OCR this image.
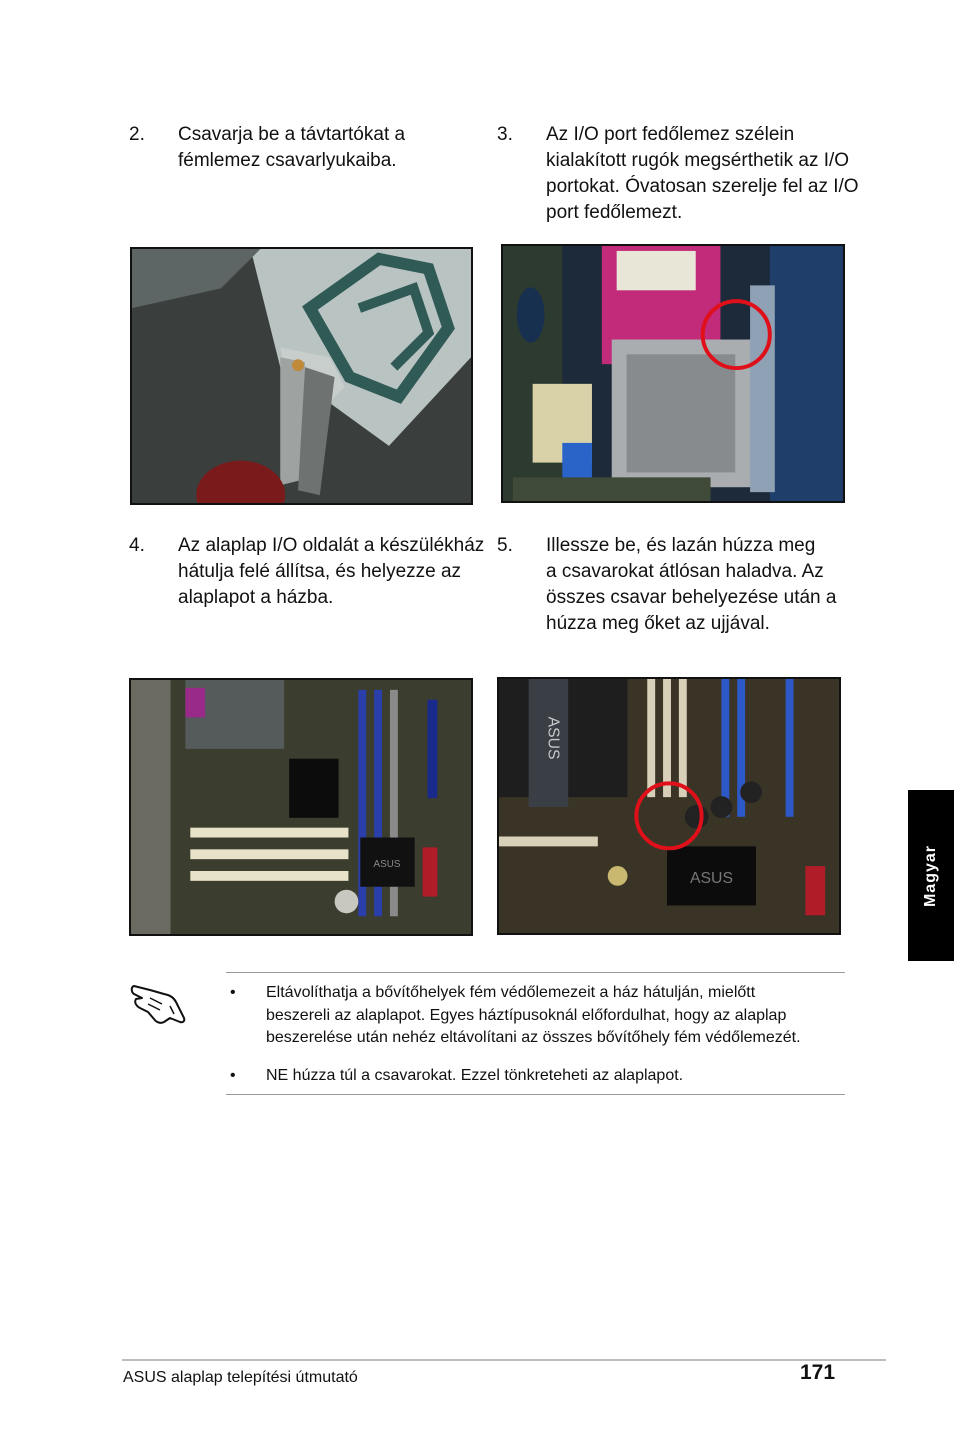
2. Csavarja be a távtartókat a
fémlemez csavarlyukaiba.
3. Az I/O port fedőlemez szélein
kialakított rugók megsérthetik az I/O
portokat. Óvatosan szerelje fel az I/O
port fedőlemezt.
4. Az alaplap I/O oldalát a készülékház
hátulja felé állítsa, és helyezze az
alaplapot a házba.
5. Illessze be, és lazán húzza meg
a csavarokat átlósan haladva. Az
összes csavar behelyezése után a
húzza meg őket az ujjával.
ASUS
ASUS
ASUS	Magyar
• Eltávolíthatja a bővítőhelyek fém védőlemezeit a ház hátulján, mielőtt
beszereli az alaplapot. Egyes háztípusoknál előfordulhat, hogy az alaplap
beszerelése után nehéz eltávolítani az összes bővítőhely fém védőlemezét.
• NE húzza túl a csavarokat. Ezzel tönkreteheti az alaplapot.
ASUS alaplap telepítési útmutató	171
